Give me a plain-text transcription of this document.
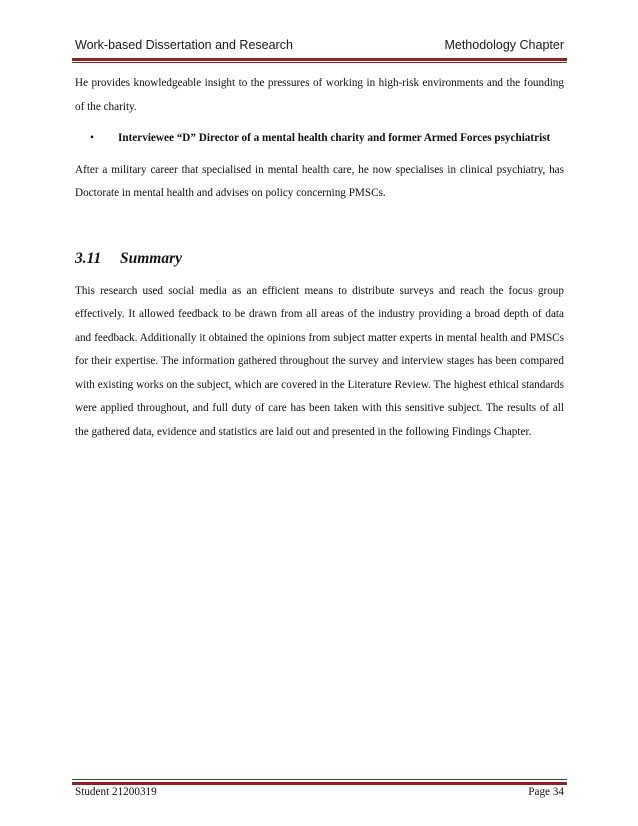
Work-based Dissertation and Research	Methodology Chapter

He provides knowledgeable insight to the pressures of working in high-risk environments and the founding of the charity.

• Interviewee “D” Director of a mental health charity and former Armed Forces psychiatrist

After a military career that specialised in mental health care, he now specialises in clinical psychiatry, has Doctorate in mental health and advises on policy concerning PMSCs.

3.11 Summary

This research used social media as an efficient means to distribute surveys and reach the focus group effectively. It allowed feedback to be drawn from all areas of the industry providing a broad depth of data and feedback. Additionally it obtained the opinions from subject matter experts in mental health and PMSCs for their expertise. The information gathered throughout the survey and interview stages has been compared with existing works on the subject, which are covered in the Literature Review. The highest ethical standards were applied throughout, and full duty of care has been taken with this sensitive subject. The results of all the gathered data, evidence and statistics are laid out and presented in the following Findings Chapter.

Student 21200319	Page 34
